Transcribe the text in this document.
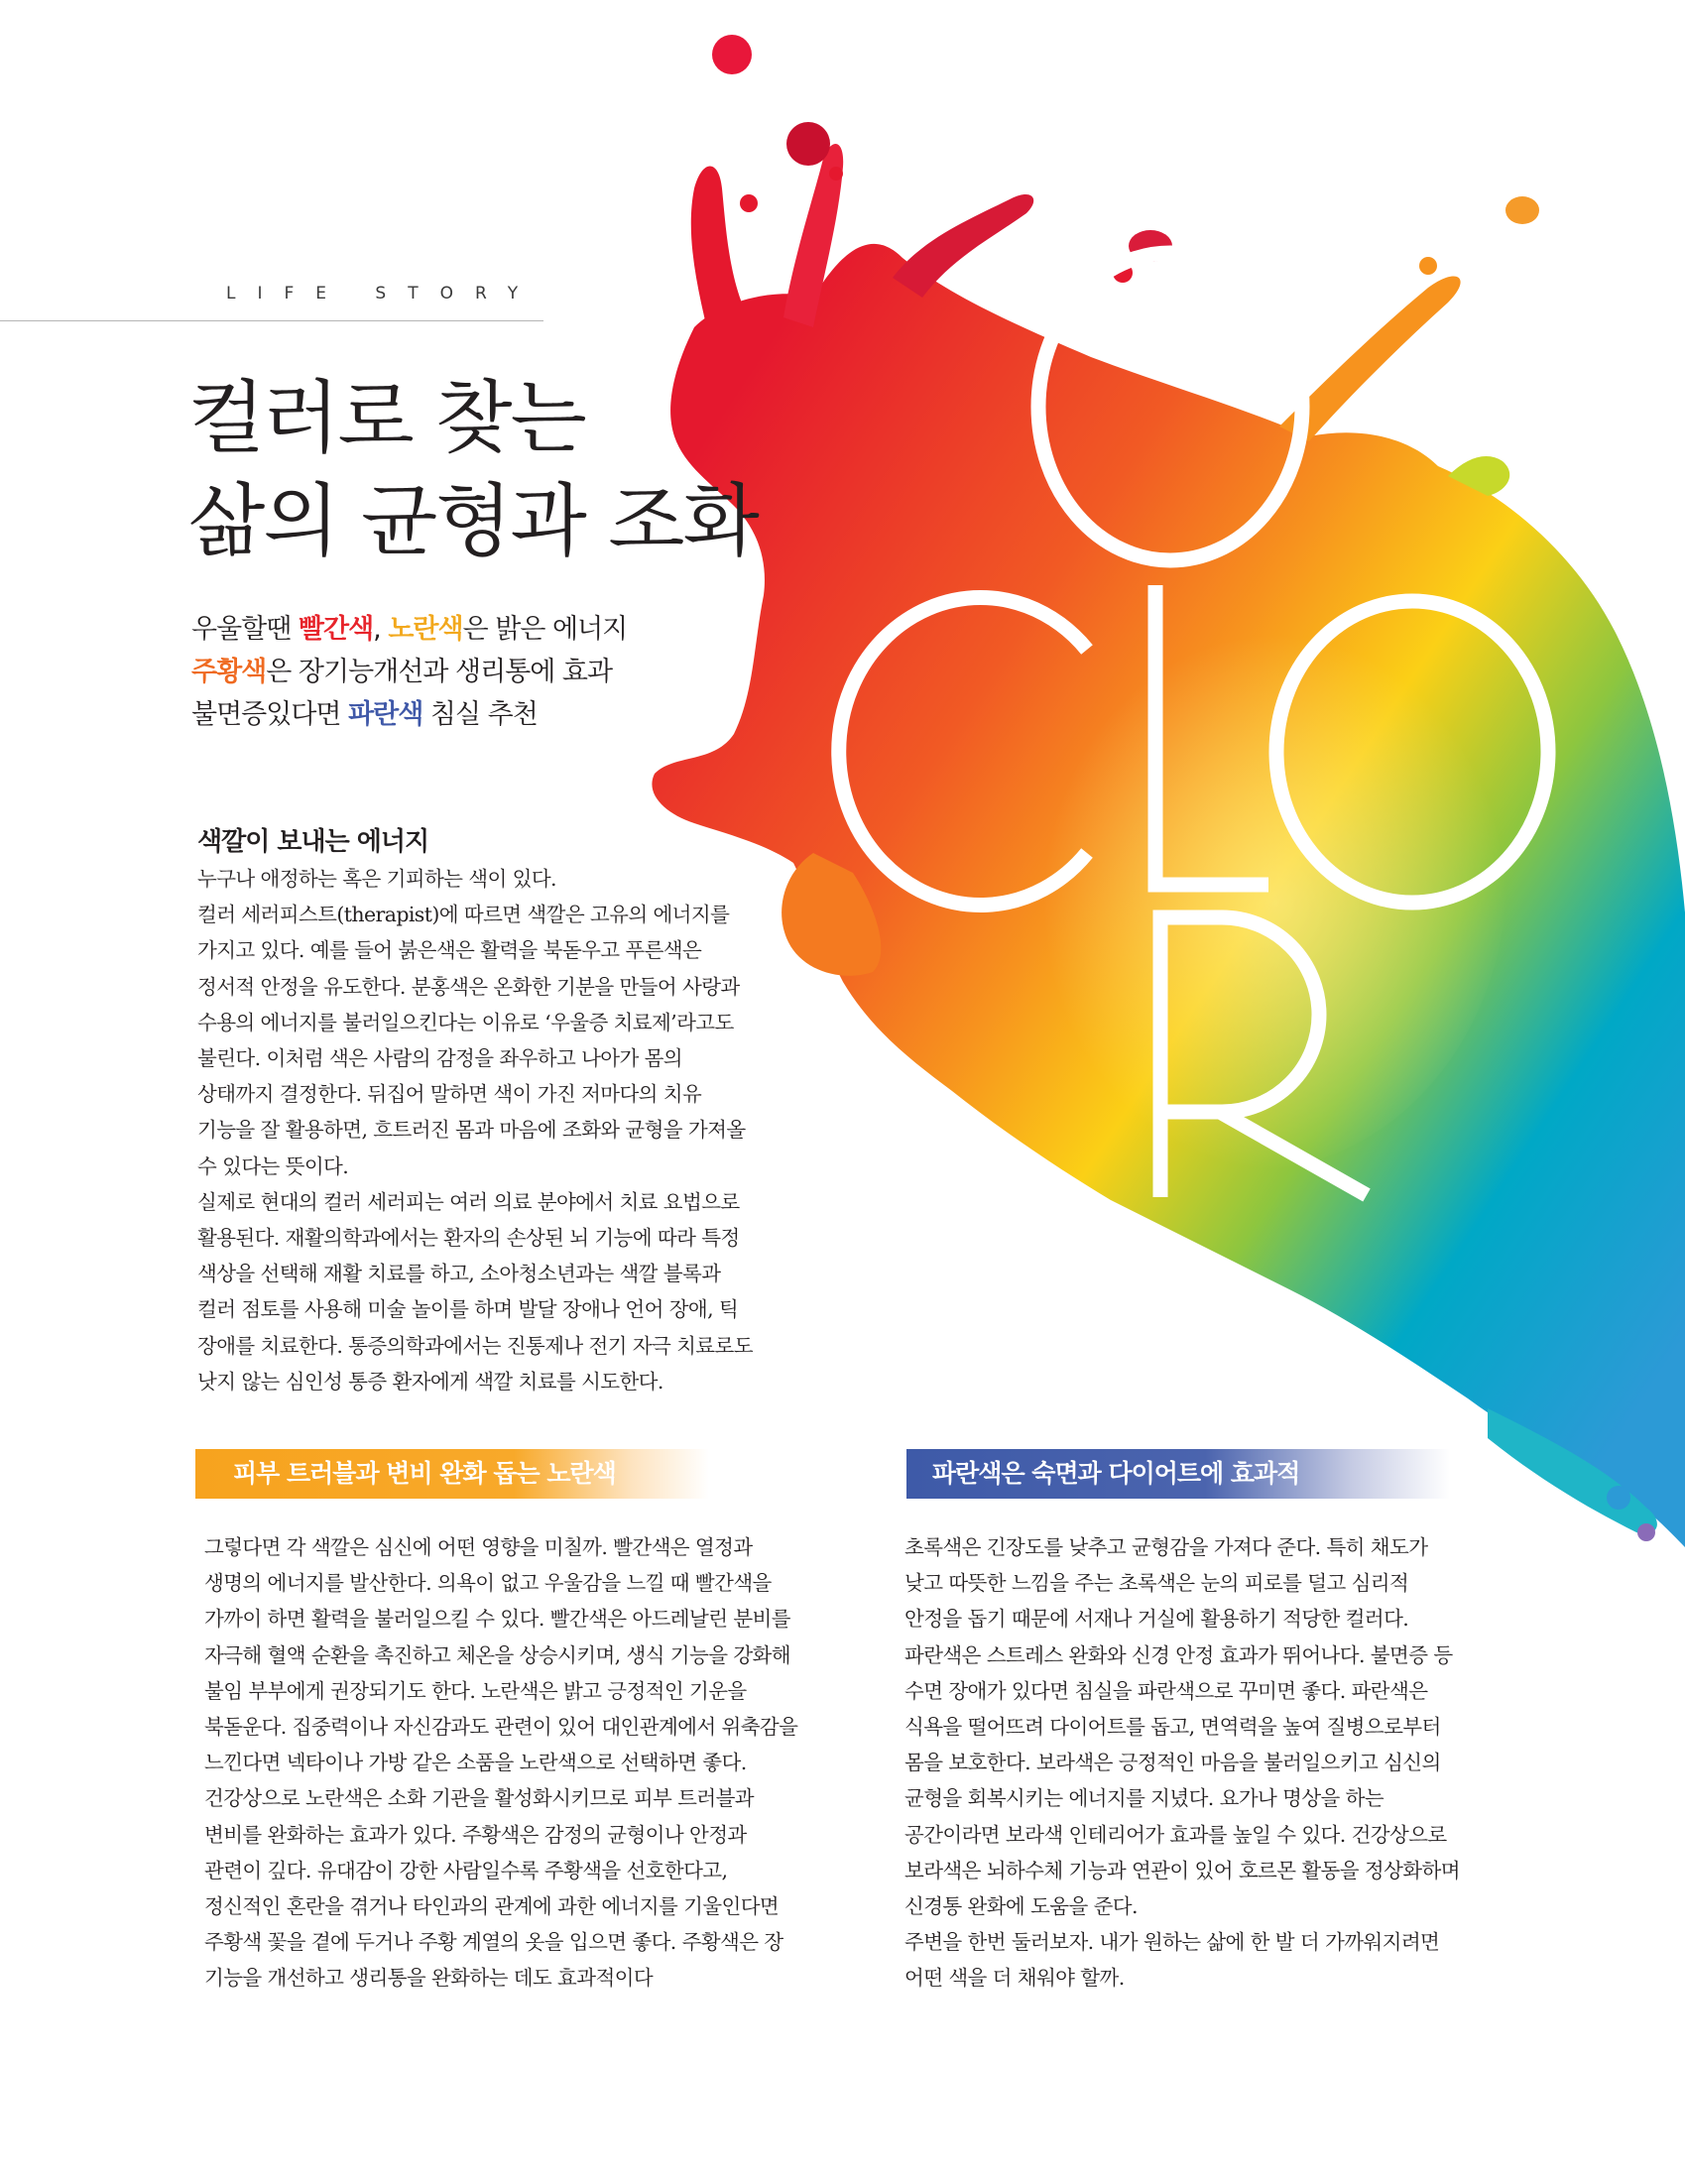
LIFE STORY
컬러로 찾는
삶의 균형과 조화
우울할땐 빨간색, 노란색은 밝은 에너지
주황색은 장기능개선과 생리통에 효과
불면증있다면 파란색 침실 추천
색깔이 보내는 에너지
누구나 애정하는 혹은 기피하는 색이 있다.
컬러 세러피스트(therapist)에 따르면 색깔은 고유의 에너지를
가지고 있다. 예를 들어 붉은색은 활력을 북돋우고 푸른색은
정서적 안정을 유도한다. 분홍색은 온화한 기분을 만들어 사랑과
수용의 에너지를 불러일으킨다는 이유로 ‘우울증 치료제’라고도
불린다. 이처럼 색은 사람의 감정을 좌우하고 나아가 몸의
상태까지 결정한다. 뒤집어 말하면 색이 가진 저마다의 치유
기능을 잘 활용하면, 흐트러진 몸과 마음에 조화와 균형을 가져올
수 있다는 뜻이다.
실제로 현대의 컬러 세러피는 여러 의료 분야에서 치료 요법으로
활용된다. 재활의학과에서는 환자의 손상된 뇌 기능에 따라 특정
색상을 선택해 재활 치료를 하고, 소아청소년과는 색깔 블록과
컬러 점토를 사용해 미술 놀이를 하며 발달 장애나 언어 장애, 틱
장애를 치료한다. 통증의학과에서는 진통제나 전기 자극 치료로도
낫지 않는 심인성 통증 환자에게 색깔 치료를 시도한다.
피부 트러블과 변비 완화 돕는 노란색	파란색은 숙면과 다이어트에 효과적
그렇다면 각 색깔은 심신에 어떤 영향을 미칠까. 빨간색은 열정과
생명의 에너지를 발산한다. 의욕이 없고 우울감을 느낄 때 빨간색을
가까이 하면 활력을 불러일으킬 수 있다. 빨간색은 아드레날린 분비를
자극해 혈액 순환을 촉진하고 체온을 상승시키며, 생식 기능을 강화해
불임 부부에게 권장되기도 한다. 노란색은 밝고 긍정적인 기운을
북돋운다. 집중력이나 자신감과도 관련이 있어 대인관계에서 위축감을
느낀다면 넥타이나 가방 같은 소품을 노란색으로 선택하면 좋다.
건강상으로 노란색은 소화 기관을 활성화시키므로 피부 트러블과
변비를 완화하는 효과가 있다. 주황색은 감정의 균형이나 안정과
관련이 깊다. 유대감이 강한 사람일수록 주황색을 선호한다고,
정신적인 혼란을 겪거나 타인과의 관계에 과한 에너지를 기울인다면
주황색 꽃을 곁에 두거나 주황 계열의 옷을 입으면 좋다. 주황색은 장
기능을 개선하고 생리통을 완화하는 데도 효과적이다
초록색은 긴장도를 낮추고 균형감을 가져다 준다. 특히 채도가
낮고 따뜻한 느낌을 주는 초록색은 눈의 피로를 덜고 심리적
안정을 돕기 때문에 서재나 거실에 활용하기 적당한 컬러다.
파란색은 스트레스 완화와 신경 안정 효과가 뛰어나다. 불면증 등
수면 장애가 있다면 침실을 파란색으로 꾸미면 좋다. 파란색은
식욕을 떨어뜨려 다이어트를 돕고, 면역력을 높여 질병으로부터
몸을 보호한다. 보라색은 긍정적인 마음을 불러일으키고 심신의
균형을 회복시키는 에너지를 지녔다. 요가나 명상을 하는
공간이라면 보라색 인테리어가 효과를 높일 수 있다. 건강상으로
보라색은 뇌하수체 기능과 연관이 있어 호르몬 활동을 정상화하며
신경통 완화에 도움을 준다.
주변을 한번 둘러보자. 내가 원하는 삶에 한 발 더 가까워지려면
어떤 색을 더 채워야 할까.
